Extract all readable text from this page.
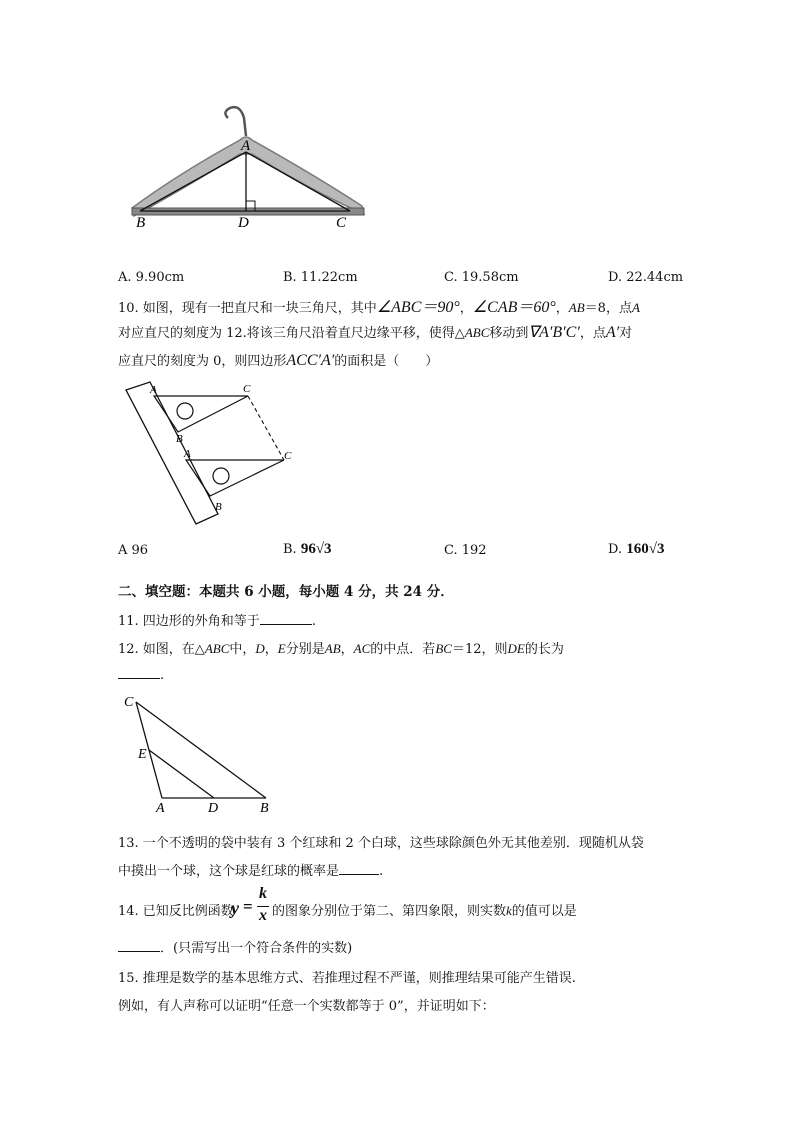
A
B	D	C
A. 9.90cm	B. 11.22cm	C. 19.58cm	D. 22.44cm
10. 如图，现有一把直尺和一块三角尺，其中∠ABC＝90°，∠CAB＝60°，AB＝8，点A
对应直尺的刻度为 12.将该三角尺沿着直尺边缘平移，使得△ABC移动到∇A′B′C′，点A′对
应直尺的刻度为 0，则四边形ACC′A′的面积是（　　）
A	C
B
A	C
B
A 96	B. 96√3	C. 192	D. 160√3
二、填空题：本题共 6 小题，每小题 4 分，共 24 分．
11. 四边形的外角和等于	.
12. 如图，在△ABC中，D，E分别是AB，AC的中点．若BC＝12，则DE的长为
.
C
E
A	D	B
13. 一个不透明的袋中装有 3 个红球和 2 个白球，这些球除颜色外无其他差别．现随机从袋
中摸出一个球，这个球是红球的概率是	.
14. 已知反比例函数
y =
k
x 的图象分别位于第二、第四象限，则实数k的值可以是
．(只需写出一个符合条件的实数)
15. 推理是数学的基本思维方式、若推理过程不严谨，则推理结果可能产生错误.
例如，有人声称可以证明“任意一个实数都等于 0”，并证明如下：
